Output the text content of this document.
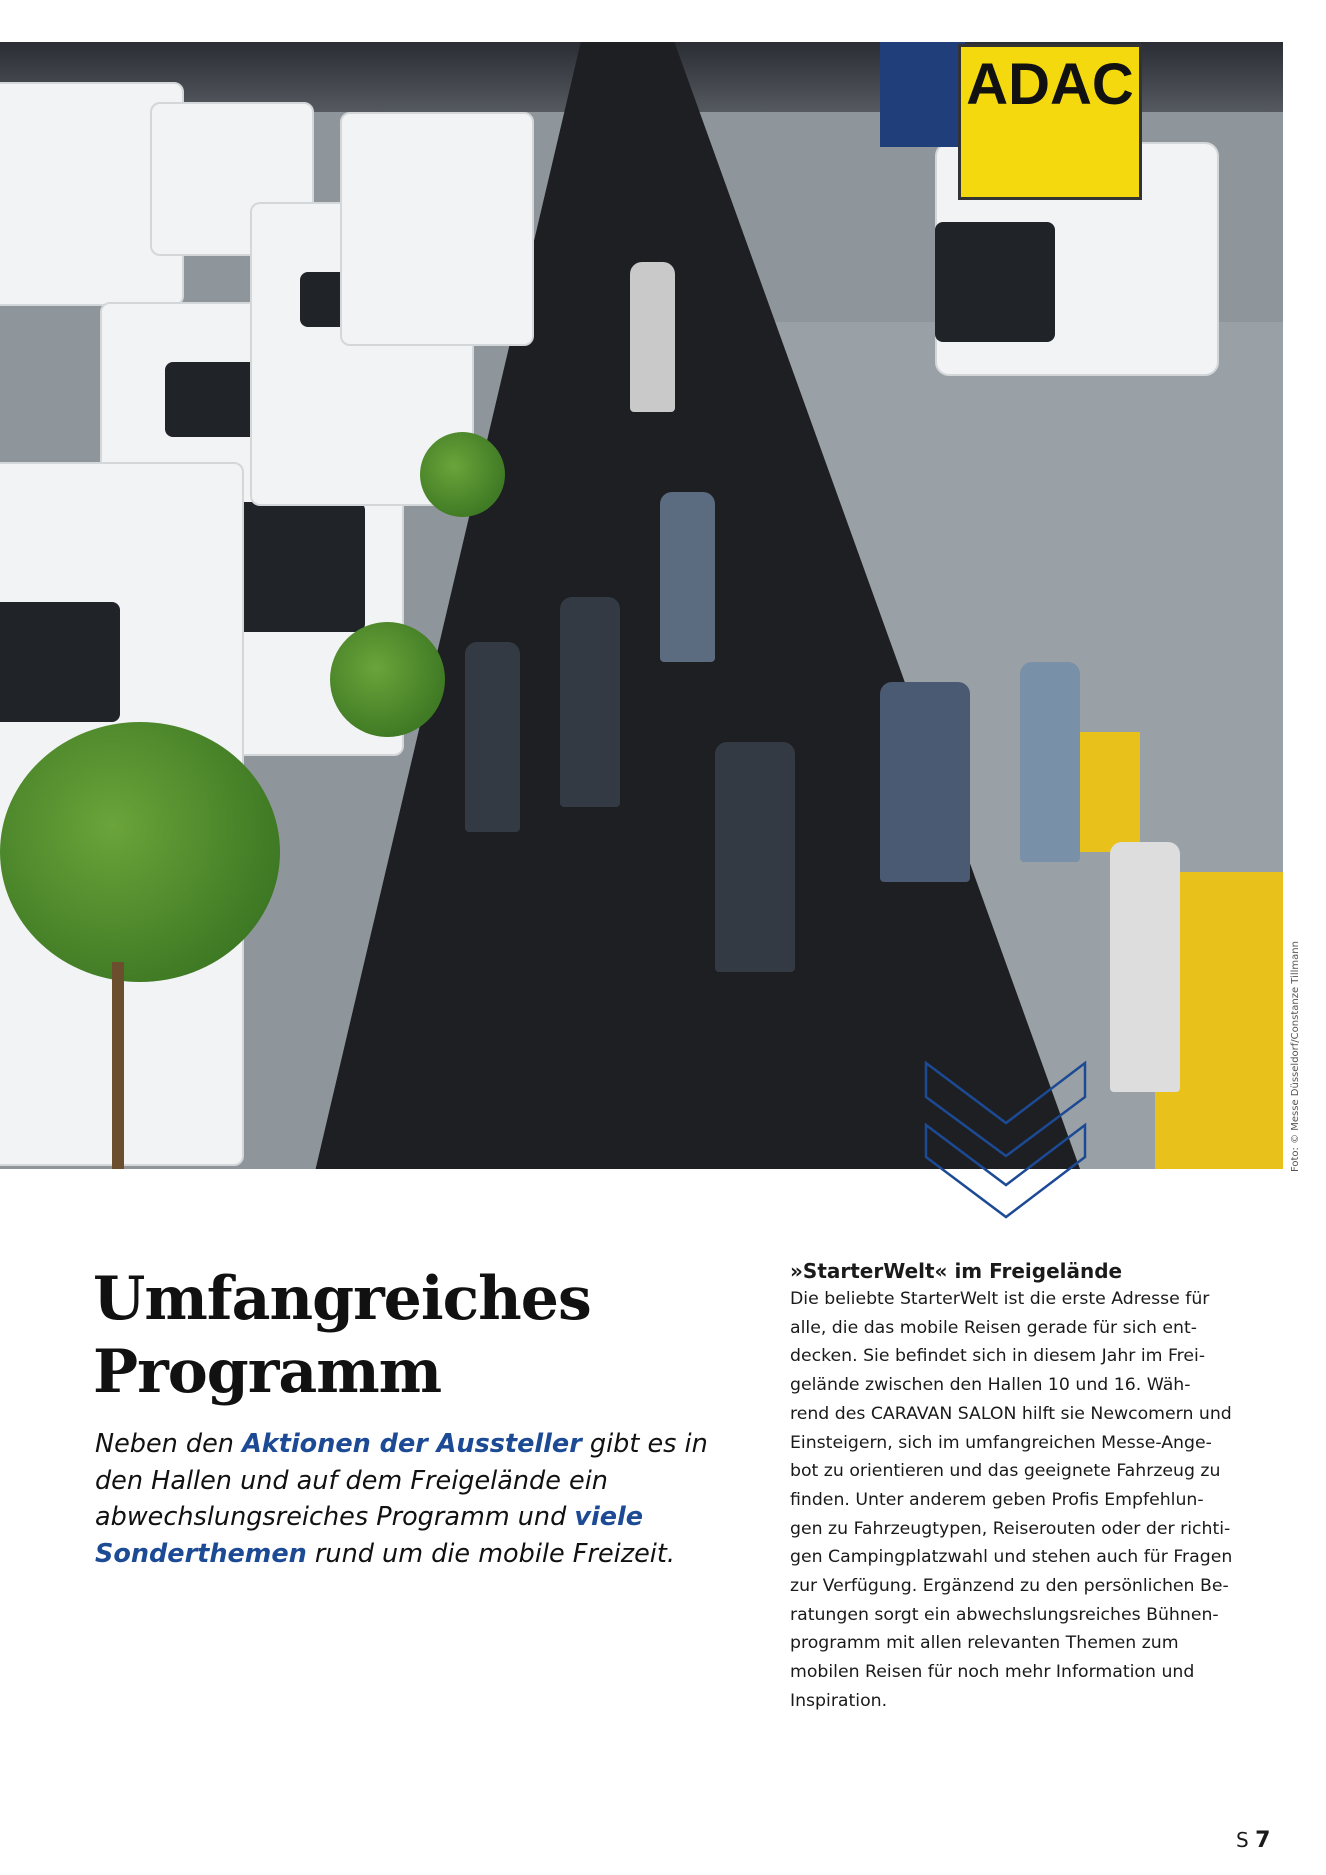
ADAC
Foto: © Messe Düsseldorf/Constanze Tillmann
Umfangreiches
Programm
Neben den Aktionen der Aussteller gibt es in den Hallen und auf dem Freigelände ein abwechslungsreiches Programm und viele Sonderthemen rund um die mobile Freizeit.
»StarterWelt« im Freigelände
Die beliebte StarterWelt ist die erste Adresse für
alle, die das mobile Reisen gerade für sich ent-
decken. Sie befindet sich in diesem Jahr im Frei-
gelände zwischen den Hallen 10 und 16. Wäh-
rend des CARAVAN SALON hilft sie Newcomern und
Einsteigern, sich im umfangreichen Messe-Ange-
bot zu orientieren und das geeignete Fahrzeug zu
finden. Unter anderem geben Profis Empfehlun-
gen zu Fahrzeugtypen, Reiserouten oder der richti-
gen Campingplatzwahl und stehen auch für Fragen
zur Verfügung. Ergänzend zu den persönlichen Be-
ratungen sorgt ein abwechslungsreiches Bühnen-
programm mit allen relevanten Themen zum
mobilen Reisen für noch mehr Information und
Inspiration.
S 7
